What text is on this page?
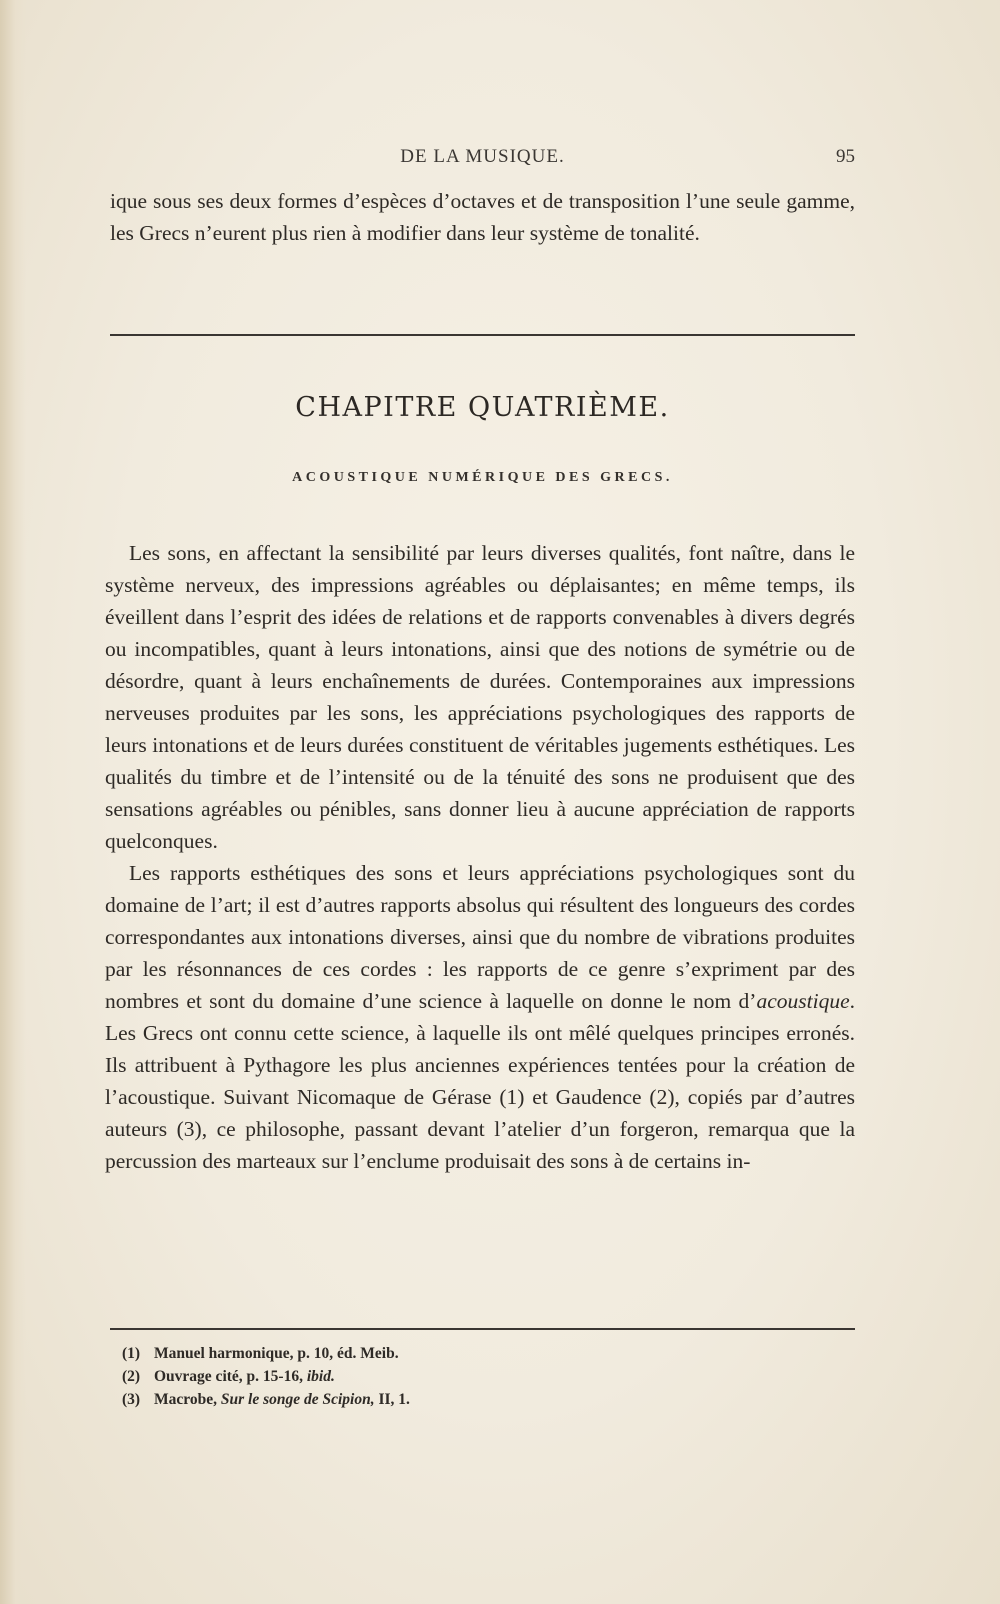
DE LA MUSIQUE.	95

ique sous ses deux formes d’espèces d’octaves et de transposition l’une seule gamme, les Grecs n’eurent plus rien à modifier dans leur système de tonalité.

CHAPITRE QUATRIÈME.
ACOUSTIQUE NUMÉRIQUE DES GRECS.

Les sons, en affectant la sensibilité par leurs diverses qualités, font naître, dans le système nerveux, des impressions agréables ou déplaisantes; en même temps, ils éveillent dans l’esprit des idées de relations et de rapports convenables à divers degrés ou incompatibles, quant à leurs intonations, ainsi que des notions de symétrie ou de désordre, quant à leurs enchaînements de durées. Contemporaines aux impressions nerveuses produites par les sons, les appréciations psychologiques des rapports de leurs intonations et de leurs durées constituent de véritables jugements esthétiques. Les qualités du timbre et de l’intensité ou de la ténuité des sons ne produisent que des sensations agréables ou pénibles, sans donner lieu à aucune appréciation de rapports quelconques.

Les rapports esthétiques des sons et leurs appréciations psychologiques sont du domaine de l’art; il est d’autres rapports absolus qui résultent des longueurs des cordes correspondantes aux intonations diverses, ainsi que du nombre de vibrations produites par les résonnances de ces cordes : les rapports de ce genre s’expriment par des nombres et sont du domaine d’une science à laquelle on donne le nom d’acoustique. Les Grecs ont connu cette science, à laquelle ils ont mêlé quelques principes erronés. Ils attribuent à Pythagore les plus anciennes expériences tentées pour la création de l’acoustique. Suivant Nicomaque de Gérase (1) et Gaudence (2), copiés par d’autres auteurs (3), ce philosophe, passant devant l’atelier d’un forgeron, remarqua que la percussion des marteaux sur l’enclume produisait des sons à de certains in-

(1) Manuel harmonique, p. 10, éd. Meib.
(2) Ouvrage cité, p. 15-16, ibid.
(3) Macrobe, Sur le songe de Scipion, II, 1.
